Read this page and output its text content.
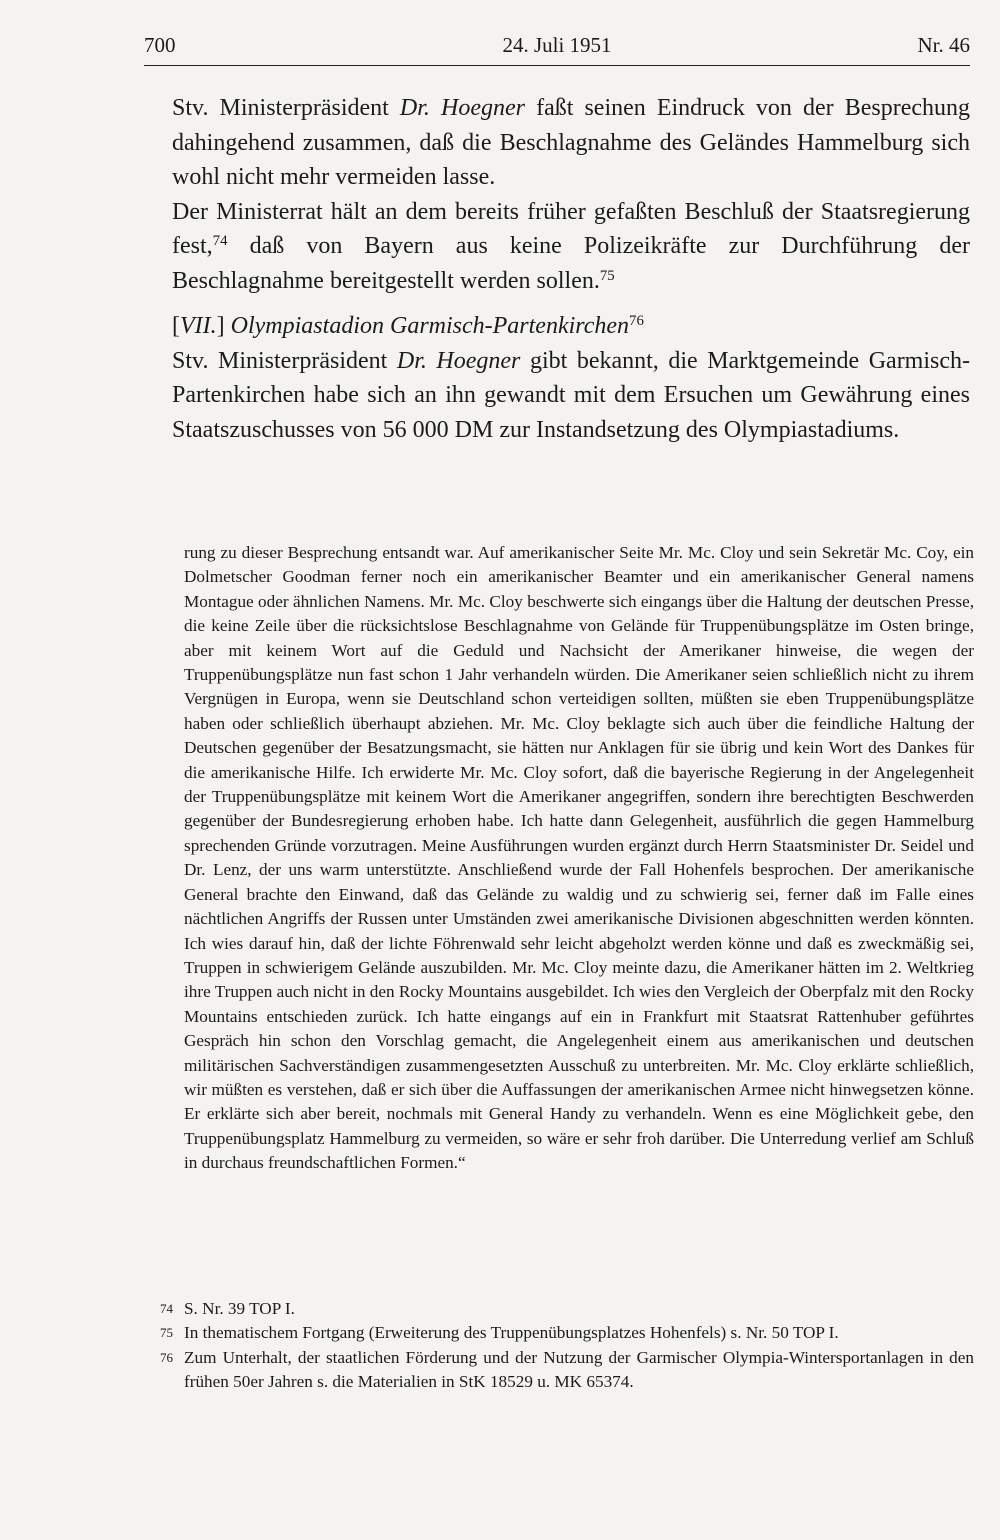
700	24. Juli 1951	Nr. 46

Stv. Ministerpräsident Dr. Hoegner faßt seinen Eindruck von der Besprechung dahingehend zusammen, daß die Beschlagnahme des Geländes Hammelburg sich wohl nicht mehr vermeiden lasse.

Der Ministerrat hält an dem bereits früher gefaßten Beschluß der Staatsregierung fest,$^{74}$ daß von Bayern aus keine Polizeikräfte zur Durchführung der Beschlagnahme bereitgestellt werden sollen.$^{75}$

[VII.] Olympiastadion Garmisch-Partenkirchen$^{76}$

Stv. Ministerpräsident Dr. Hoegner gibt bekannt, die Marktgemeinde Garmisch-Partenkirchen habe sich an ihn gewandt mit dem Ersuchen um Gewährung eines Staatszuschusses von 56 000 DM zur Instandsetzung des Olympiastadiums.

rung zu dieser Besprechung entsandt war. Auf amerikanischer Seite Mr. Mc. Cloy und sein Sekretär Mc. Coy, ein Dolmetscher Goodman ferner noch ein amerikanischer Beamter und ein amerikanischer General namens Montague oder ähnlichen Namens. Mr. Mc. Cloy beschwerte sich eingangs über die Haltung der deutschen Presse, die keine Zeile über die rücksichtslose Beschlagnahme von Gelände für Truppenübungsplätze im Osten bringe, aber mit keinem Wort auf die Geduld und Nachsicht der Amerikaner hinweise, die wegen der Truppenübungsplätze nun fast schon 1 Jahr verhandeln würden. Die Amerikaner seien schließlich nicht zu ihrem Vergnügen in Europa, wenn sie Deutschland schon verteidigen sollten, müßten sie eben Truppenübungsplätze haben oder schließlich überhaupt abziehen. Mr. Mc. Cloy beklagte sich auch über die feindliche Haltung der Deutschen gegenüber der Besatzungsmacht, sie hätten nur Anklagen für sie übrig und kein Wort des Dankes für die amerikanische Hilfe. Ich erwiderte Mr. Mc. Cloy sofort, daß die bayerische Regierung in der Angelegenheit der Truppenübungsplätze mit keinem Wort die Amerikaner angegriffen, sondern ihre berechtigten Beschwerden gegenüber der Bundesregierung erhoben habe. Ich hatte dann Gelegenheit, ausführlich die gegen Hammelburg sprechenden Gründe vorzutragen. Meine Ausführungen wurden ergänzt durch Herrn Staatsminister Dr. Seidel und Dr. Lenz, der uns warm unterstützte. Anschließend wurde der Fall Hohenfels besprochen. Der amerikanische General brachte den Einwand, daß das Gelände zu waldig und zu schwierig sei, ferner daß im Falle eines nächtlichen Angriffs der Russen unter Umständen zwei amerikanische Divisionen abgeschnitten werden könnten. Ich wies darauf hin, daß der lichte Föhrenwald sehr leicht abgeholzt werden könne und daß es zweckmäßig sei, Truppen in schwierigem Gelände auszubilden. Mr. Mc. Cloy meinte dazu, die Amerikaner hätten im 2. Weltkrieg ihre Truppen auch nicht in den Rocky Mountains ausgebildet. Ich wies den Vergleich der Oberpfalz mit den Rocky Mountains entschieden zurück. Ich hatte eingangs auf ein in Frankfurt mit Staatsrat Rattenhuber geführtes Gespräch hin schon den Vorschlag gemacht, die Angelegenheit einem aus amerikanischen und deutschen militärischen Sachverständigen zusammengesetzten Ausschuß zu unterbreiten. Mr. Mc. Cloy erklärte schließlich, wir müßten es verstehen, daß er sich über die Auffassungen der amerikanischen Armee nicht hinwegsetzen könne. Er erklärte sich aber bereit, nochmals mit General Handy zu verhandeln. Wenn es eine Möglichkeit gebe, den Truppenübungsplatz Hammelburg zu vermeiden, so wäre er sehr froh darüber. Die Unterredung verlief am Schluß in durchaus freundschaftlichen Formen.“

74 S. Nr. 39 TOP I.
75 In thematischem Fortgang (Erweiterung des Truppenübungsplatzes Hohenfels) s. Nr. 50 TOP I.
76 Zum Unterhalt, der staatlichen Förderung und der Nutzung der Garmischer Olympia-Wintersportanlagen in den frühen 50er Jahren s. die Materialien in StK 18529 u. MK 65374.
